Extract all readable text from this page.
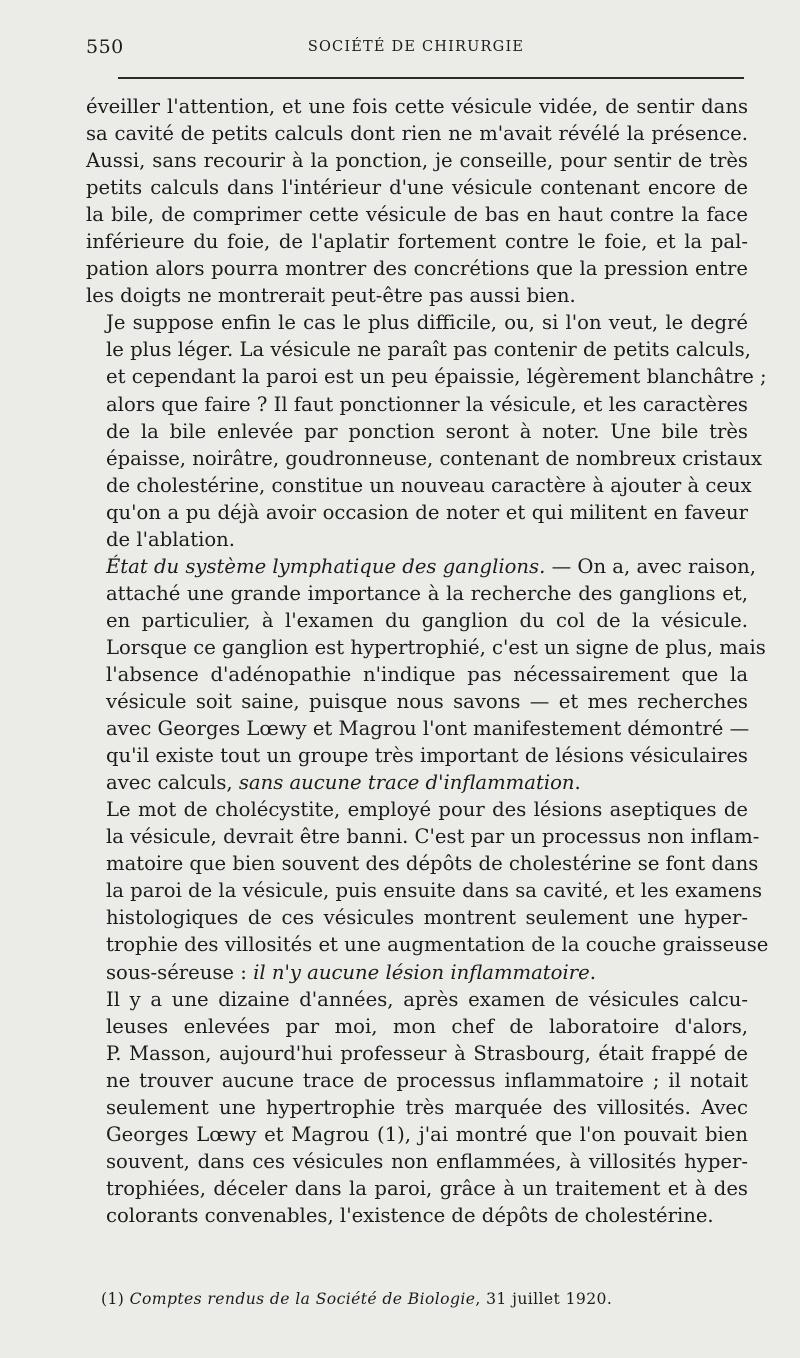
550	SOCIÉTÉ DE CHIRURGIE

éveiller l'attention, et une fois cette vésicule vidée, de sentir dans
sa cavité de petits calculs dont rien ne m'avait révélé la présence.
Aussi, sans recourir à la ponction, je conseille, pour sentir de très
petits calculs dans l'intérieur d'une vésicule contenant encore de
la bile, de comprimer cette vésicule de bas en haut contre la face
inférieure du foie, de l'aplatir fortement contre le foie, et la pal-
pation alors pourra montrer des concrétions que la pression entre
les doigts ne montrerait peut-être pas aussi bien.

Je suppose enfin le cas le plus difficile, ou, si l'on veut, le degré
le plus léger. La vésicule ne paraît pas contenir de petits calculs,
et cependant la paroi est un peu épaissie, légèrement blanchâtre ;
alors que faire ? Il faut ponctionner la vésicule, et les caractères
de la bile enlevée par ponction seront à noter. Une bile très
épaisse, noirâtre, goudronneuse, contenant de nombreux cristaux
de cholestérine, constitue un nouveau caractère à ajouter à ceux
qu'on a pu déjà avoir occasion de noter et qui militent en faveur
de l'ablation.

État du système lymphatique des ganglions. — On a, avec raison,
attaché une grande importance à la recherche des ganglions et,
en particulier, à l'examen du ganglion du col de la vésicule.
Lorsque ce ganglion est hypertrophié, c'est un signe de plus, mais
l'absence d'adénopathie n'indique pas nécessairement que la
vésicule soit saine, puisque nous savons — et mes recherches
avec Georges Lœwy et Magrou l'ont manifestement démontré —
qu'il existe tout un groupe très important de lésions vésiculaires
avec calculs, sans aucune trace d'inflammation.

Le mot de cholécystite, employé pour des lésions aseptiques de
la vésicule, devrait être banni. C'est par un processus non inflam-
matoire que bien souvent des dépôts de cholestérine se font dans
la paroi de la vésicule, puis ensuite dans sa cavité, et les examens
histologiques de ces vésicules montrent seulement une hyper-
trophie des villosités et une augmentation de la couche graisseuse
sous-séreuse : il n'y aucune lésion inflammatoire.

Il y a une dizaine d'années, après examen de vésicules calcu-
leuses enlevées par moi, mon chef de laboratoire d'alors,
P. Masson, aujourd'hui professeur à Strasbourg, était frappé de
ne trouver aucune trace de processus inflammatoire ; il notait
seulement une hypertrophie très marquée des villosités. Avec
Georges Lœwy et Magrou (1), j'ai montré que l'on pouvait bien
souvent, dans ces vésicules non enflammées, à villosités hyper-
trophiées, déceler dans la paroi, grâce à un traitement et à des
colorants convenables, l'existence de dépôts de cholestérine.

(1) Comptes rendus de la Société de Biologie, 31 juillet 1920.
